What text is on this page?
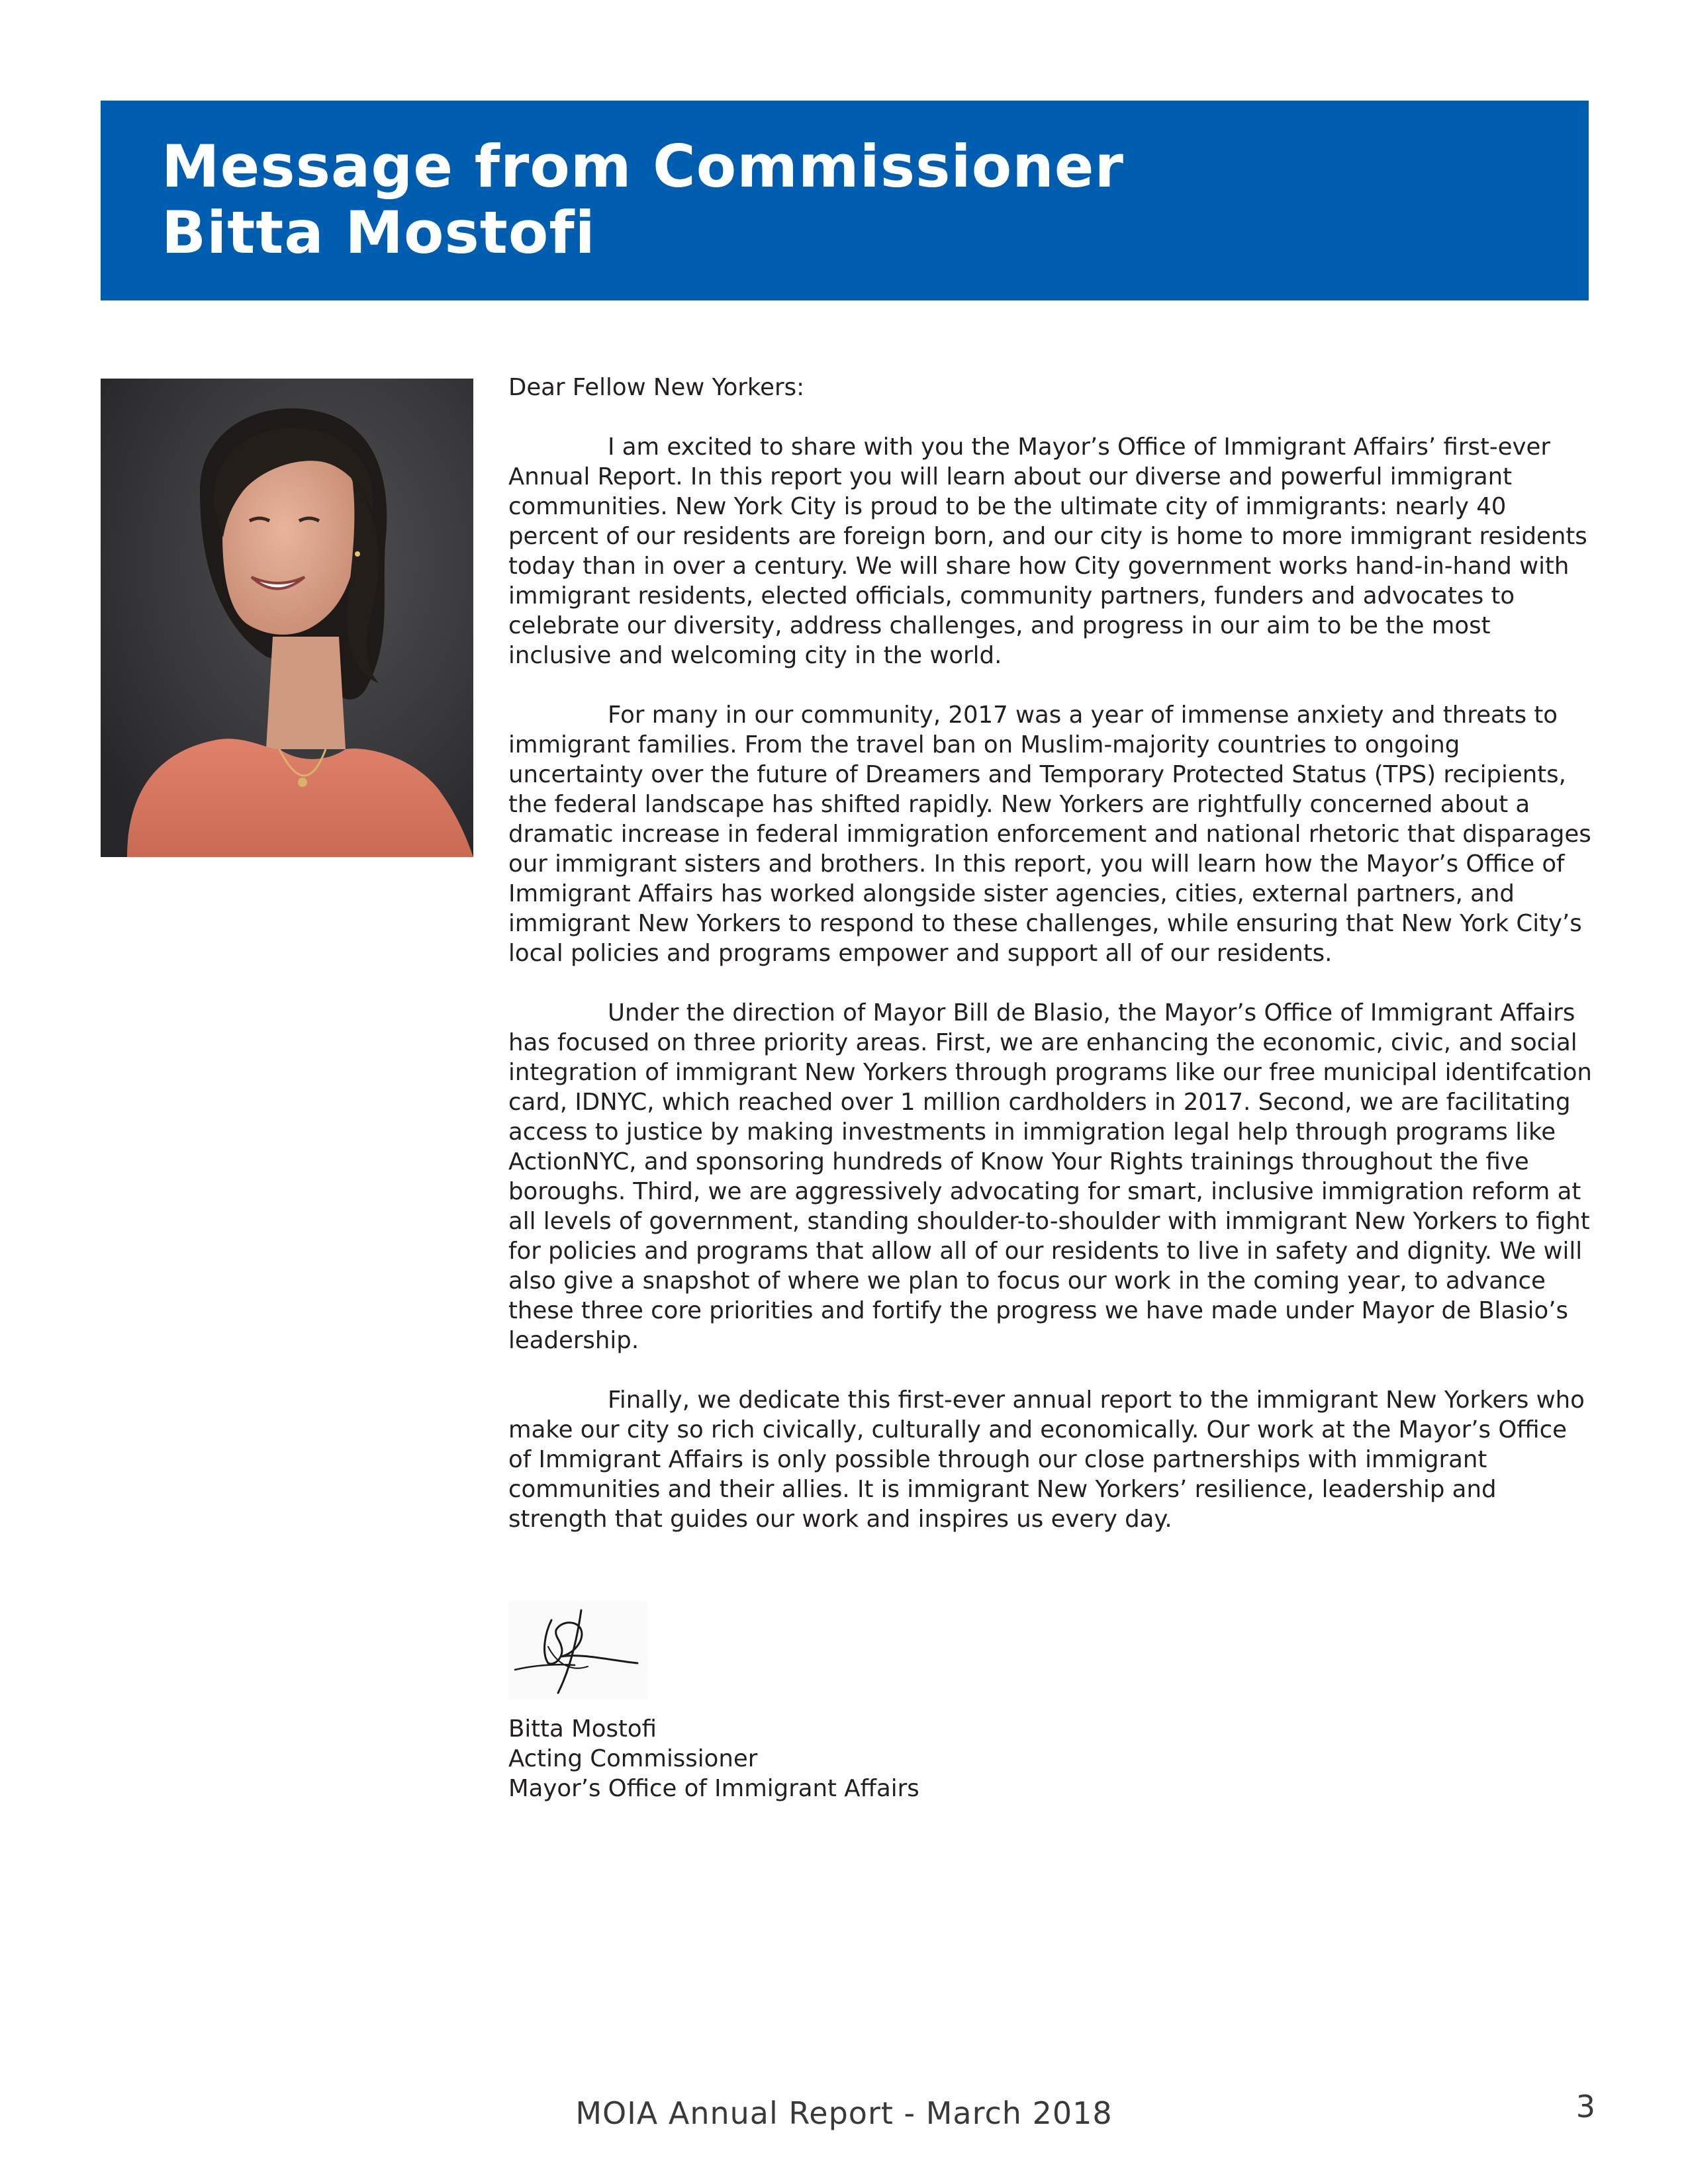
Message from Commissioner
Bitta Mostofi

Dear Fellow New Yorkers:

I am excited to share with you the Mayor’s Office of Immigrant Affairs’ first-ever Annual Report. In this report you will learn about our diverse and powerful immigrant communities. New York City is proud to be the ultimate city of immigrants: nearly 40 percent of our residents are foreign born, and our city is home to more immigrant residents today than in over a century. We will share how City government works hand-in-hand with immigrant residents, elected officials, community partners, funders and advocates to celebrate our diversity, address challenges, and progress in our aim to be the most inclusive and welcoming city in the world.

For many in our community, 2017 was a year of immense anxiety and threats to immigrant families. From the travel ban on Muslim-majority countries to ongoing uncertainty over the future of Dreamers and Temporary Protected Status (TPS) recipients, the federal landscape has shifted rapidly. New Yorkers are rightfully concerned about a dramatic increase in federal immigration enforcement and national rhetoric that disparages our immigrant sisters and brothers. In this report, you will learn how the Mayor’s Office of Immigrant Affairs has worked alongside sister agencies, cities, external partners, and immigrant New Yorkers to respond to these challenges, while ensuring that New York City’s local policies and programs empower and support all of our residents.

Under the direction of Mayor Bill de Blasio, the Mayor’s Office of Immigrant Affairs has focused on three priority areas. First, we are enhancing the economic, civic, and social integration of immigrant New Yorkers through programs like our free municipal identifcation card, IDNYC, which reached over 1 million cardholders in 2017. Second, we are facilitating access to justice by making investments in immigration legal help through programs like ActionNYC, and sponsoring hundreds of Know Your Rights trainings throughout the five boroughs. Third, we are aggressively advocating for smart, inclusive immigration reform at all levels of government, standing shoulder-to-shoulder with immigrant New Yorkers to fight for policies and programs that allow all of our residents to live in safety and dignity. We will also give a snapshot of where we plan to focus our work in the coming year, to advance these three core priorities and fortify the progress we have made under Mayor de Blasio’s leadership.

Finally, we dedicate this first-ever annual report to the immigrant New Yorkers who make our city so rich civically, culturally and economically. Our work at the Mayor’s Office of Immigrant Affairs is only possible through our close partnerships with immigrant communities and their allies. It is immigrant New Yorkers’ resilience, leadership and strength that guides our work and inspires us every day.

Bitta Mostofi
Acting Commissioner
Mayor’s Office of Immigrant Affairs
MOIA Annual Report - March 2018	3
